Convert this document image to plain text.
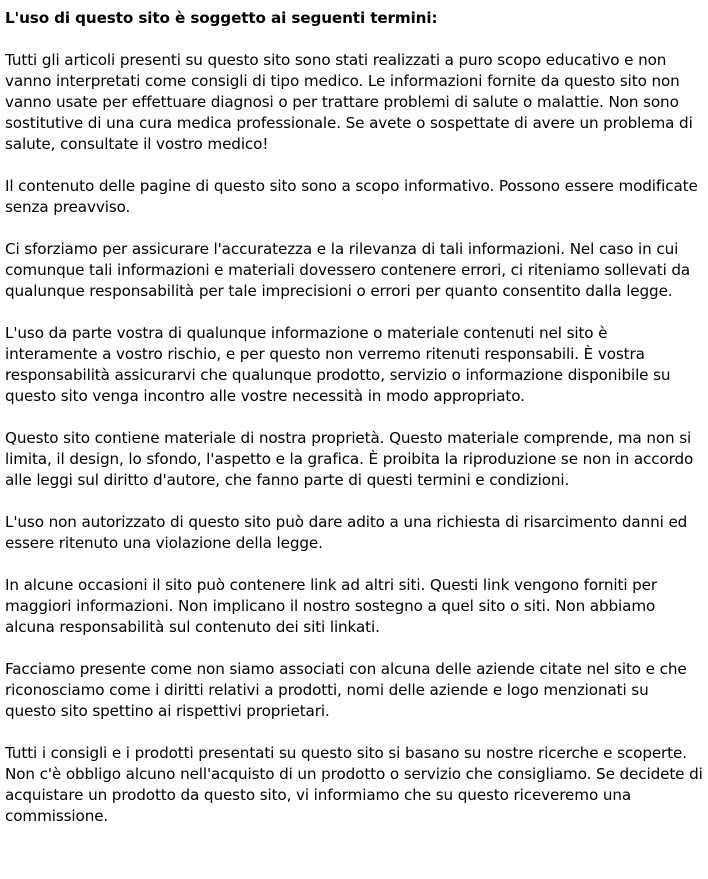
L'uso di questo sito è soggetto ai seguenti termini:

Tutti gli articoli presenti su questo sito sono stati realizzati a puro scopo educativo e non vanno interpretati come consigli di tipo medico. Le informazioni fornite da questo sito non vanno usate per effettuare diagnosi o per trattare problemi di salute o malattie. Non sono sostitutive di una cura medica professionale. Se avete o sospettate di avere un problema di salute, consultate il vostro medico!

Il contenuto delle pagine di questo sito sono a scopo informativo. Possono essere modificate senza preavviso.

Ci sforziamo per assicurare l'accuratezza e la rilevanza di tali informazioni. Nel caso in cui comunque tali informazioni e materiali dovessero contenere errori, ci riteniamo sollevati da qualunque responsabilità per tale imprecisioni o errori per quanto consentito dalla legge.

L'uso da parte vostra di qualunque informazione o materiale contenuti nel sito è interamente a vostro rischio, e per questo non verremo ritenuti responsabili. È vostra responsabilità assicurarvi che qualunque prodotto, servizio o informazione disponibile su questo sito venga incontro alle vostre necessità in modo appropriato.

Questo sito contiene materiale di nostra proprietà. Questo materiale comprende, ma non si limita, il design, lo sfondo, l'aspetto e la grafica. È proibita la riproduzione se non in accordo alle leggi sul diritto d'autore, che fanno parte di questi termini e condizioni.

L'uso non autorizzato di questo sito può dare adito a una richiesta di risarcimento danni ed essere ritenuto una violazione della legge.

In alcune occasioni il sito può contenere link ad altri siti. Questi link vengono forniti per maggiori informazioni. Non implicano il nostro sostegno a quel sito o siti. Non abbiamo alcuna responsabilità sul contenuto dei siti linkati.

Facciamo presente come non siamo associati con alcuna delle aziende citate nel sito e che riconosciamo come i diritti relativi a prodotti, nomi delle aziende e logo menzionati su questo sito spettino ai rispettivi proprietari.

Tutti i consigli e i prodotti presentati su questo sito si basano su nostre ricerche e scoperte. Non c'è obbligo alcuno nell'acquisto di un prodotto o servizio che consigliamo. Se decidete di acquistare un prodotto da questo sito, vi informiamo che su questo riceveremo una commissione.
